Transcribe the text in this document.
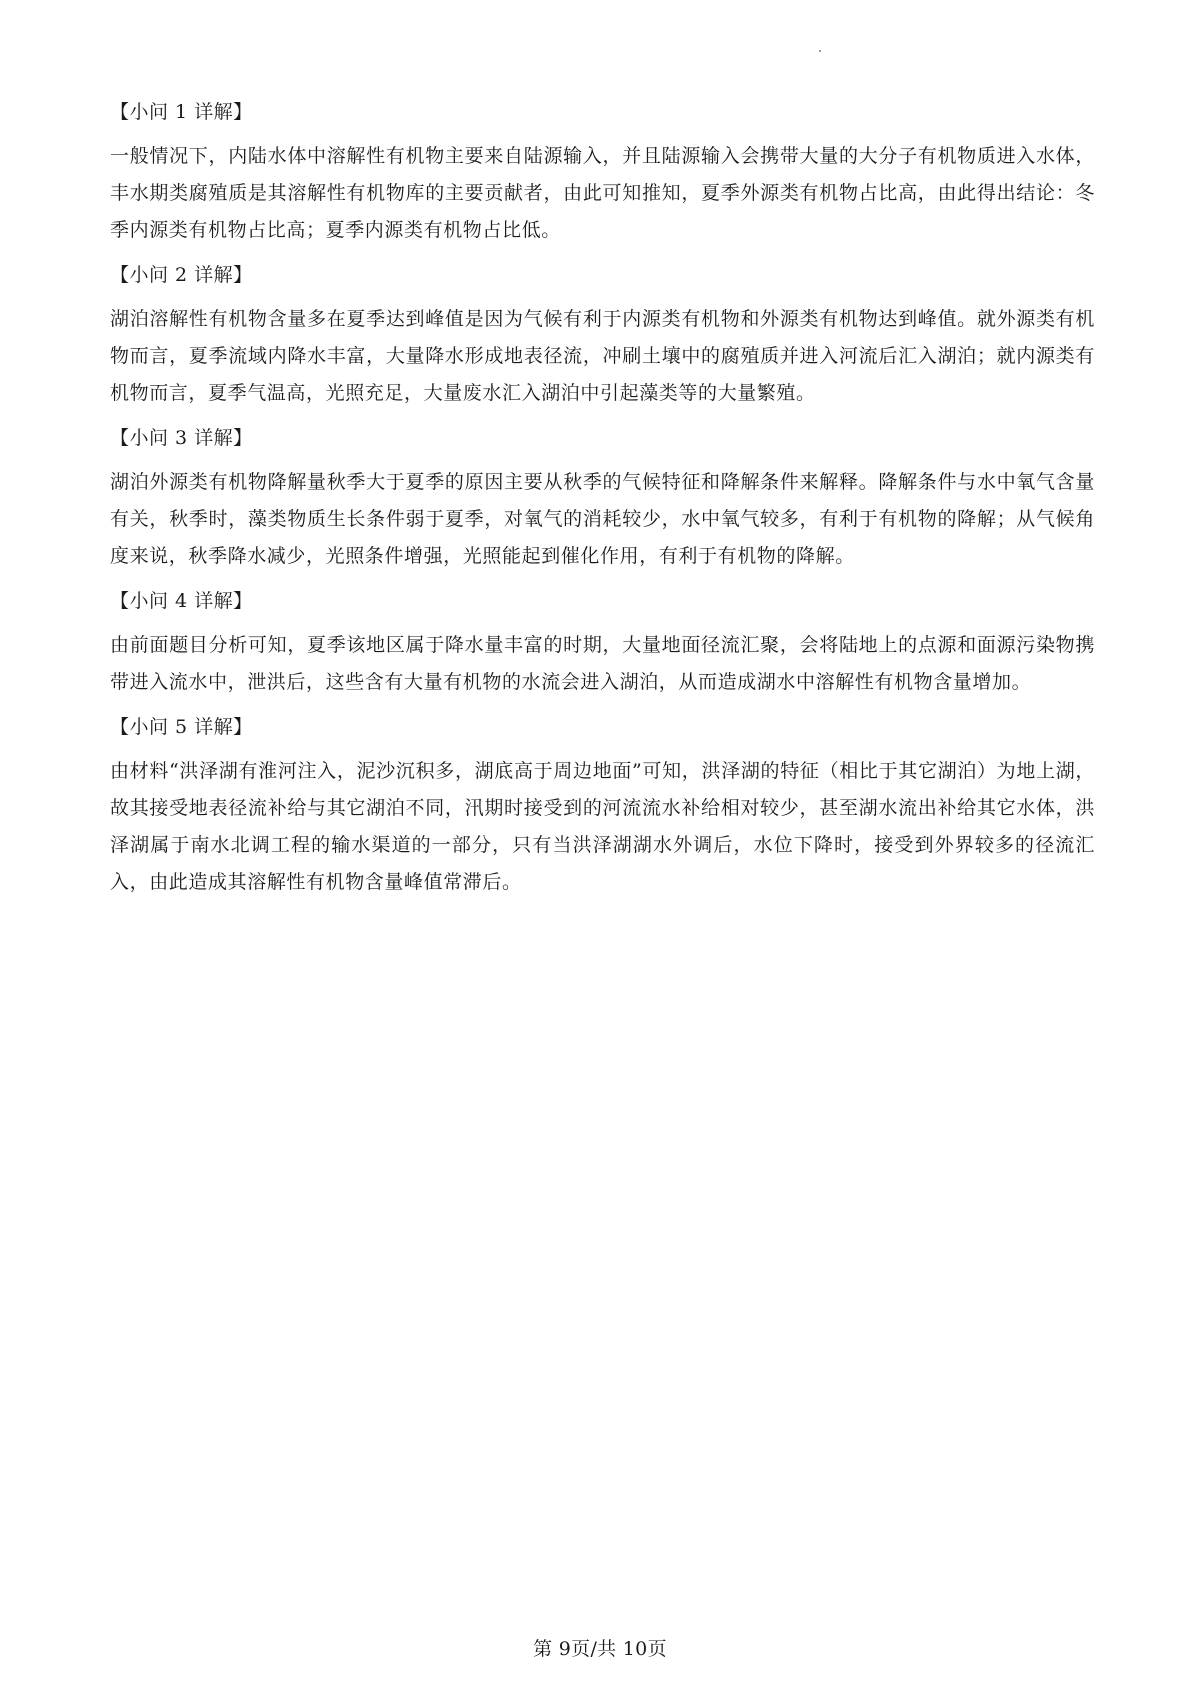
【小问 1 详解】
一般情况下，内陆水体中溶解性有机物主要来自陆源输入，并且陆源输入会携带大量的大分子有机物质进入水体，丰水期类腐殖质是其溶解性有机物库的主要贡献者，由此可知推知，夏季外源类有机物占比高，由此得出结论：冬季内源类有机物占比高；夏季内源类有机物占比低。
【小问 2 详解】
湖泊溶解性有机物含量多在夏季达到峰值是因为气候有利于内源类有机物和外源类有机物达到峰值。就外源类有机物而言，夏季流域内降水丰富，大量降水形成地表径流，冲刷土壤中的腐殖质并进入河流后汇入湖泊；就内源类有机物而言，夏季气温高，光照充足，大量废水汇入湖泊中引起藻类等的大量繁殖。
【小问 3 详解】
湖泊外源类有机物降解量秋季大于夏季的原因主要从秋季的气候特征和降解条件来解释。降解条件与水中氧气含量有关，秋季时，藻类物质生长条件弱于夏季，对氧气的消耗较少，水中氧气较多，有利于有机物的降解；从气候角度来说，秋季降水减少，光照条件增强，光照能起到催化作用，有利于有机物的降解。
【小问 4 详解】
由前面题目分析可知，夏季该地区属于降水量丰富的时期，大量地面径流汇聚，会将陆地上的点源和面源污染物携带进入流水中，泄洪后，这些含有大量有机物的水流会进入湖泊，从而造成湖水中溶解性有机物含量增加。
【小问 5 详解】
由材料“洪泽湖有淮河注入，泥沙沉积多，湖底高于周边地面”可知，洪泽湖的特征（相比于其它湖泊）为地上湖，故其接受地表径流补给与其它湖泊不同，汛期时接受到的河流流水补给相对较少，甚至湖水流出补给其它水体，洪泽湖属于南水北调工程的输水渠道的一部分，只有当洪泽湖湖水外调后，水位下降时，接受到外界较多的径流汇入，由此造成其溶解性有机物含量峰值常滞后。
第 9页/共 10页
